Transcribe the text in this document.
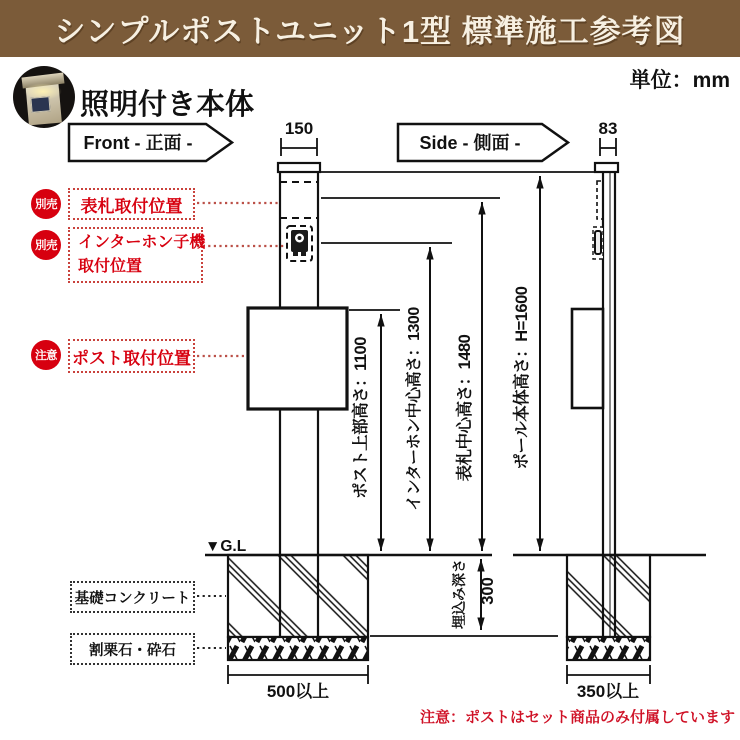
Front - 正面 -	Side - 側面 -
150	83
ポスト上部高さ：1100 インターホン中心高さ：1300 表札中心高さ：1480 ポール本体高さ：H=1600
埋込み深さ 300
▼G.L
500以上	350以上
シンプルポストユニット1型 標準施工参考図
照明付き本体
単位：mm
別売 表札取付位置
別売 インターホン子機
取付位置
注意 ポスト取付位置
基礎コンクリート
割栗石・砕石
注意：ポストはセット商品のみ付属しています
